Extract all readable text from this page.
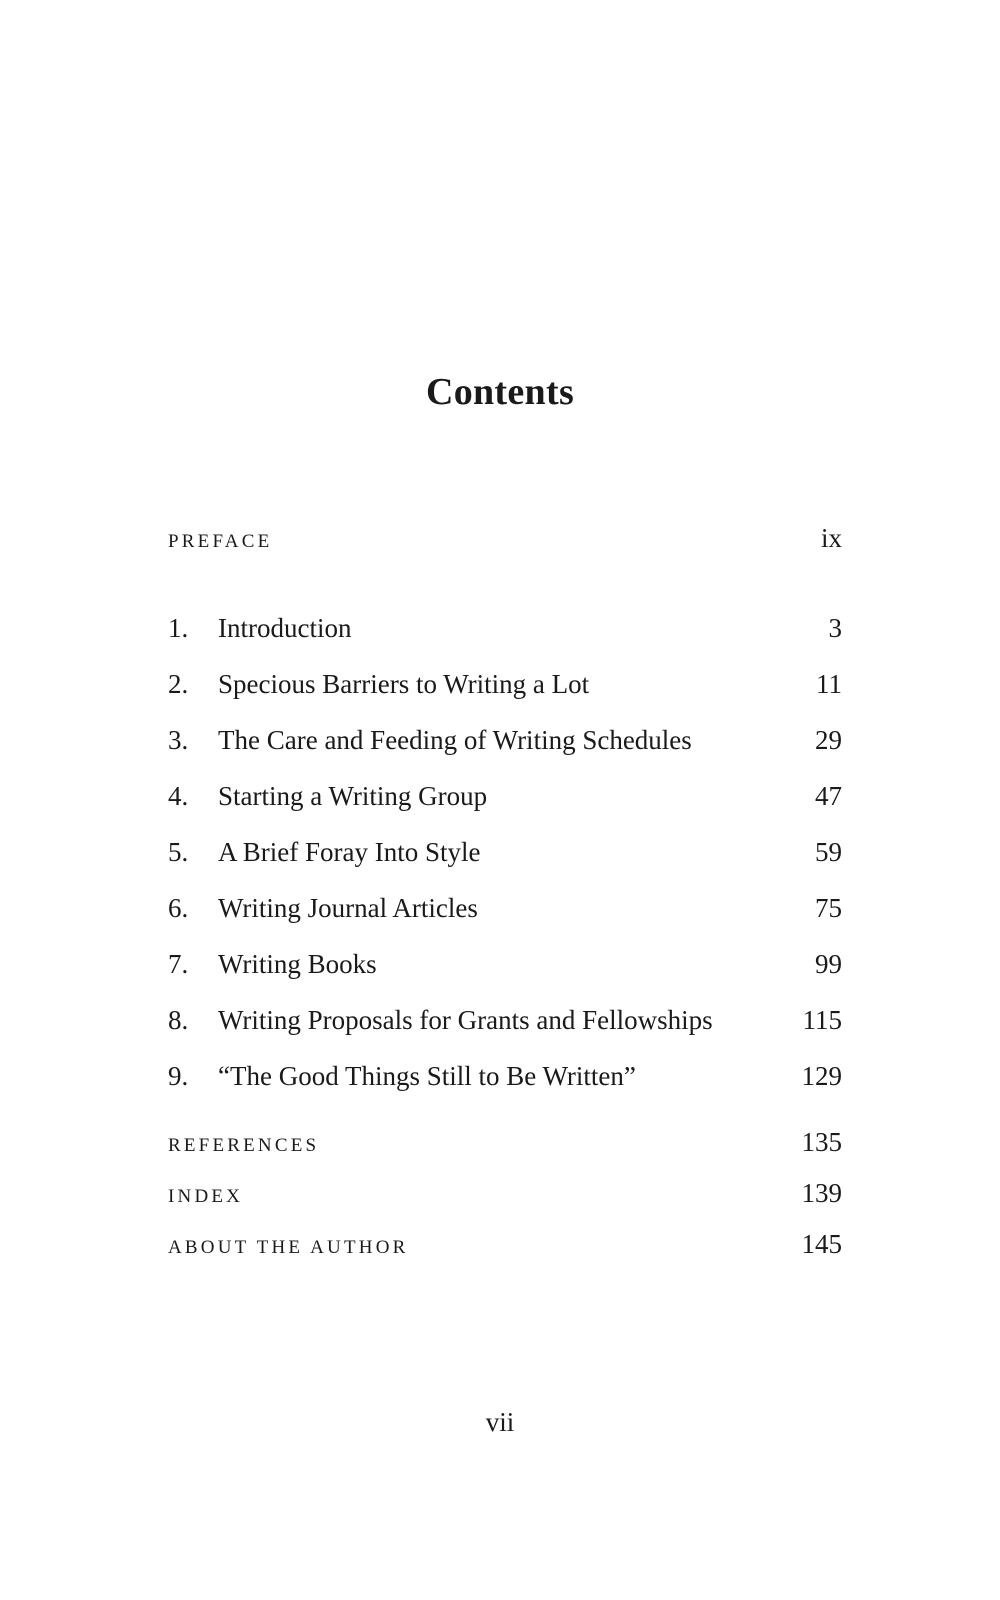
Contents
PREFACE	ix
1.	Introduction	3
2.	Specious Barriers to Writing a Lot	11
3.	The Care and Feeding of Writing Schedules	29
4.	Starting a Writing Group	47
5.	A Brief Foray Into Style	59
6.	Writing Journal Articles	75
7.	Writing Books	99
8.	Writing Proposals for Grants and Fellowships	115
9.	“The Good Things Still to Be Written”	129
REFERENCES	135
INDEX	139
ABOUT THE AUTHOR	145
vii
